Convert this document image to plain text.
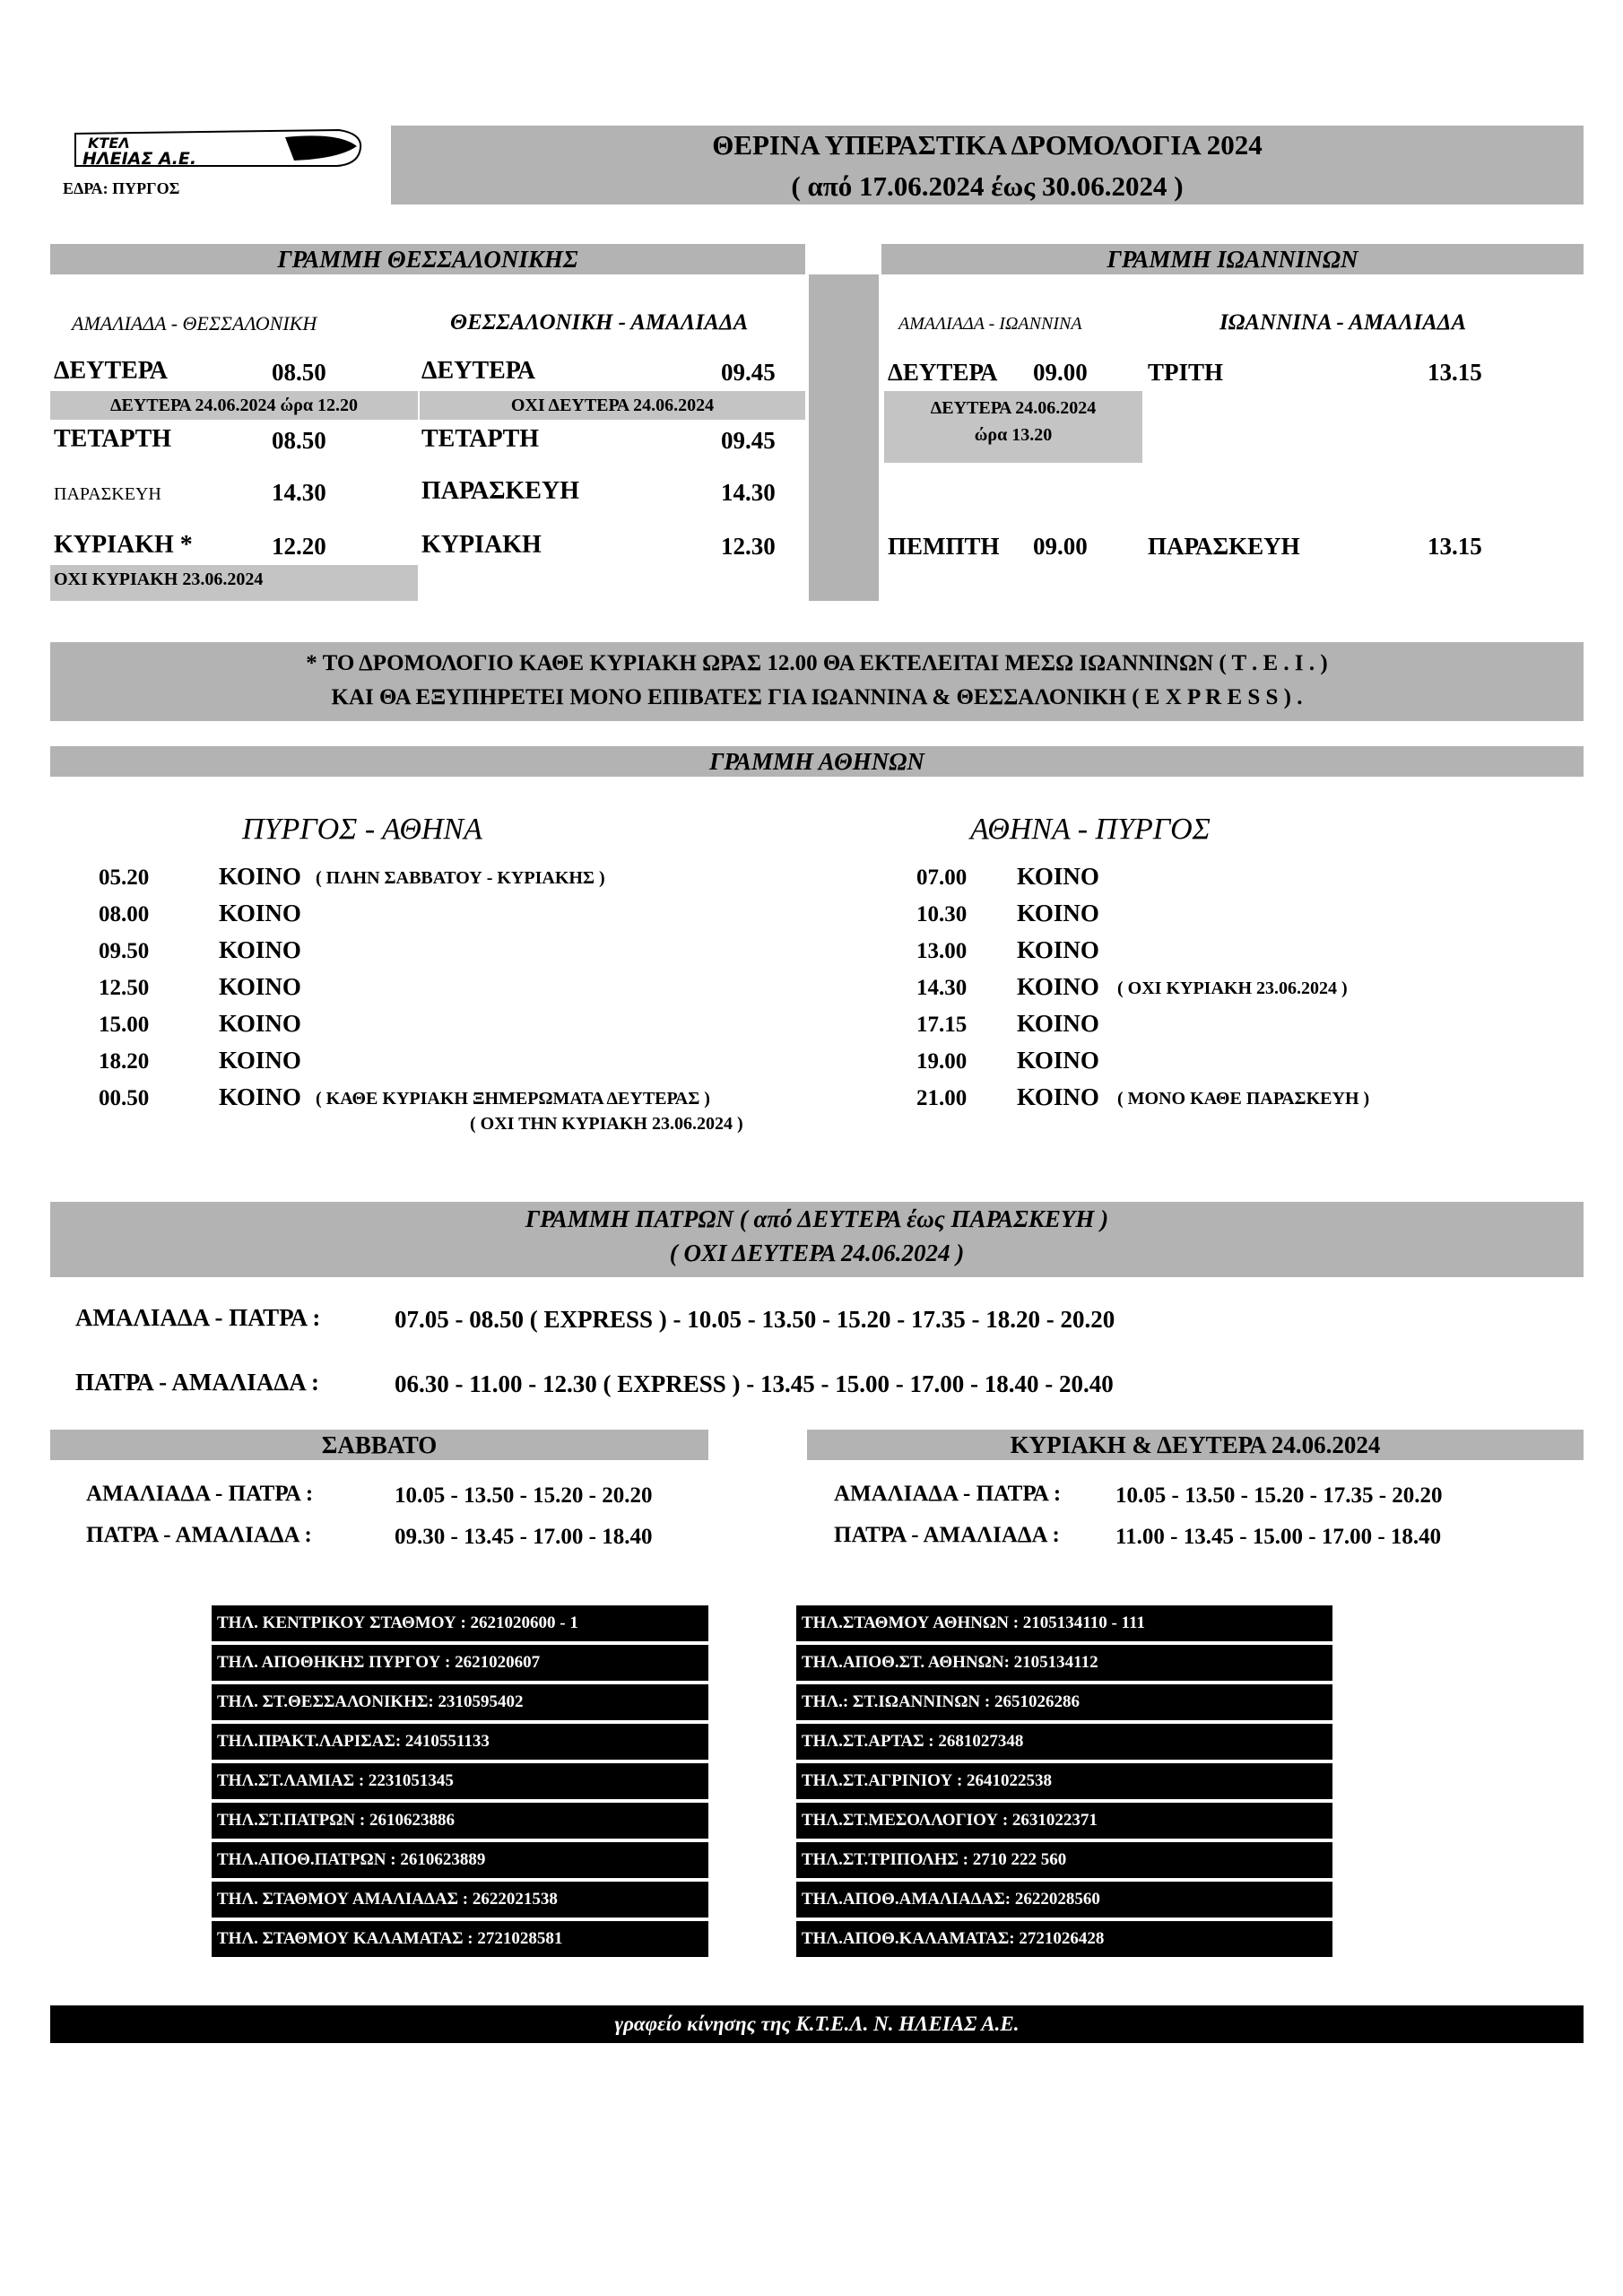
KTEΛ
ΗΛΕΙΑΣ Α.Ε.
ΕΔΡΑ: ΠΥΡΓΟΣ
ΘΕΡΙΝΑ ΥΠΕΡΑΣΤΙΚΑ ΔΡΟΜΟΛΟΓΙΑ 2024
( από 17.06.2024 έως 30.06.2024 )
ΓΡΑΜΜΗ ΘΕΣΣΑΛΟΝΙΚΗΣ	ΓΡΑΜΜΗ ΙΩΑΝΝΙΝΩΝ
ΑΜΑΛΙΑΔΑ - ΘΕΣΣΑΛΟΝΙΚΗ	ΘΕΣΣΑΛΟΝΙΚΗ - ΑΜΑΛΙΑΔΑ
ΔΕΥΤΕΡΑ	08.50	ΔΕΥΤΕΡΑ	09.45
ΔΕΥΤΕΡΑ 24.06.2024 ώρα 12.20	ΟΧΙ ΔΕΥΤΕΡΑ 24.06.2024
ΤΕΤΑΡΤΗ	08.50	ΤΕΤΑΡΤΗ	09.45
ΠΑΡΑΣΚΕΥΗ	14.30	ΠΑΡΑΣΚΕΥΗ	14.30
ΚΥΡΙΑΚΗ *	12.20	ΚΥΡΙΑΚΗ	12.30
ΟΧΙ ΚΥΡΙΑΚΗ 23.06.2024
ΑΜΑΛΙΑΔΑ - ΙΩΑΝΝΙΝΑ	ΙΩΑΝΝΙΝΑ - ΑΜΑΛΙΑΔΑ
ΔΕΥΤΕΡΑ 09.00 ΤΡΙΤΗ	13.15
ΔΕΥΤΕΡΑ 24.06.2024
ώρα 13.20
ΠΕΜΠΤΗ 09.00 ΠΑΡΑΣΚΕΥΗ	13.15
* ΤΟ ΔΡΟΜΟΛΟΓΙΟ ΚΑΘΕ ΚΥΡΙΑΚΗ ΩΡΑΣ 12.00 ΘΑ ΕΚΤΕΛΕΙΤΑΙ ΜΕΣΩ ΙΩΑΝΝΙΝΩΝ ( Τ . Ε . Ι . )
ΚΑΙ ΘΑ ΕΞΥΠΗΡΕΤΕΙ ΜΟΝΟ ΕΠΙΒΑΤΕΣ ΓΙΑ ΙΩΑΝΝΙΝΑ & ΘΕΣΣΑΛΟΝΙΚΗ ( E X P R E S S ) .
ΓΡΑΜΜΗ ΑΘΗΝΩΝ
ΠΥΡΓΟΣ - ΑΘΗΝΑ	ΑΘΗΝΑ - ΠΥΡΓΟΣ
05.20	ΚΟΙΝΟ ( ΠΛΗΝ ΣΑΒΒΑΤΟΥ - ΚΥΡΙΑΚΗΣ )
08.00	ΚΟΙΝΟ
09.50	ΚΟΙΝΟ
12.50	ΚΟΙΝΟ
15.00	ΚΟΙΝΟ
18.20	ΚΟΙΝΟ
00.50	ΚΟΙΝΟ ( ΚΑΘΕ ΚΥΡΙΑΚΗ ΞΗΜΕΡΩΜΑΤΑ ΔΕΥΤΕΡΑΣ )
07.00 ΚΟΙΝΟ
10.30 ΚΟΙΝΟ
13.00 ΚΟΙΝΟ
14.30 ΚΟΙΝΟ ( ΟΧΙ ΚΥΡΙΑΚΗ 23.06.2024 )
17.15 ΚΟΙΝΟ
19.00 ΚΟΙΝΟ
21.00 ΚΟΙΝΟ ( ΜΟΝΟ ΚΑΘΕ ΠΑΡΑΣΚΕΥΗ )
( ΟΧΙ ΤΗΝ ΚΥΡΙΑΚΗ 23.06.2024 )
ΓΡΑΜΜΗ ΠΑΤΡΩΝ ( από ΔΕΥΤΕΡΑ έως ΠΑΡΑΣΚΕΥΗ )
( ΟΧΙ ΔΕΥΤΕΡΑ 24.06.2024 )
ΑΜΑΛΙΑΔΑ - ΠΑΤΡΑ :	07.05 - 08.50 ( EXPRESS ) - 10.05 - 13.50 - 15.20 - 17.35 - 18.20 - 20.20
ΠΑΤΡΑ - ΑΜΑΛΙΑΔΑ :	06.30 - 11.00 - 12.30 ( EXPRESS ) - 13.45 - 15.00 - 17.00 - 18.40 - 20.40
ΣΑΒΒΑΤΟ
ΑΜΑΛΙΑΔΑ - ΠΑΤΡΑ :	10.05 - 13.50 - 15.20 - 20.20
ΠΑΤΡΑ - ΑΜΑΛΙΑΔΑ :	09.30 - 13.45 - 17.00 - 18.40
ΚΥΡΙΑΚΗ & ΔΕΥΤΕΡΑ 24.06.2024
ΑΜΑΛΙΑΔΑ - ΠΑΤΡΑ : 10.05 - 13.50 - 15.20 - 17.35 - 20.20
ΠΑΤΡΑ - ΑΜΑΛΙΑΔΑ : 11.00 - 13.45 - 15.00 - 17.00 - 18.40
ΤΗΛ. ΚΕΝΤΡΙΚΟΥ ΣΤΑΘΜΟΥ : 2621020600 - 1
ΤΗΛ. ΑΠΟΘΗΚΗΣ ΠΥΡΓΟΥ : 2621020607
ΤΗΛ. ΣΤ.ΘΕΣΣΑΛΟΝΙΚΗΣ: 2310595402
ΤΗΛ.ΠΡΑΚΤ.ΛΑΡΙΣΑΣ: 2410551133
ΤΗΛ.ΣΤ.ΛΑΜΙΑΣ : 2231051345
ΤΗΛ.ΣΤ.ΠΑΤΡΩΝ : 2610623886
ΤΗΛ.ΑΠΟΘ.ΠΑΤΡΩΝ : 2610623889
ΤΗΛ. ΣΤΑΘΜΟΥ ΑΜΑΛΙΑΔΑΣ : 2622021538
ΤΗΛ. ΣΤΑΘΜΟΥ ΚΑΛΑΜΑΤΑΣ : 2721028581
ΤΗΛ.ΣΤΑΘΜΟΥ ΑΘΗΝΩΝ : 2105134110 - 111
ΤΗΛ.ΑΠΟΘ.ΣΤ. ΑΘΗΝΩΝ: 2105134112
ΤΗΛ.: ΣΤ.ΙΩΑΝΝΙΝΩΝ : 2651026286
ΤΗΛ.ΣΤ.ΑΡΤΑΣ : 2681027348
ΤΗΛ.ΣΤ.ΑΓΡΙΝΙΟΥ : 2641022538
ΤΗΛ.ΣΤ.ΜΕΣΟΛΛΟΓΙΟΥ : 2631022371
ΤΗΛ.ΣΤ.ΤΡΙΠΟΛΗΣ : 2710 222 560
ΤΗΛ.ΑΠΟΘ.ΑΜΑΛΙΑΔΑΣ: 2622028560
ΤΗΛ.ΑΠΟΘ.ΚΑΛΑΜΑΤΑΣ: 2721026428
γραφείο κίνησης της Κ.Τ.Ε.Λ. Ν. ΗΛΕΙΑΣ Α.Ε.
